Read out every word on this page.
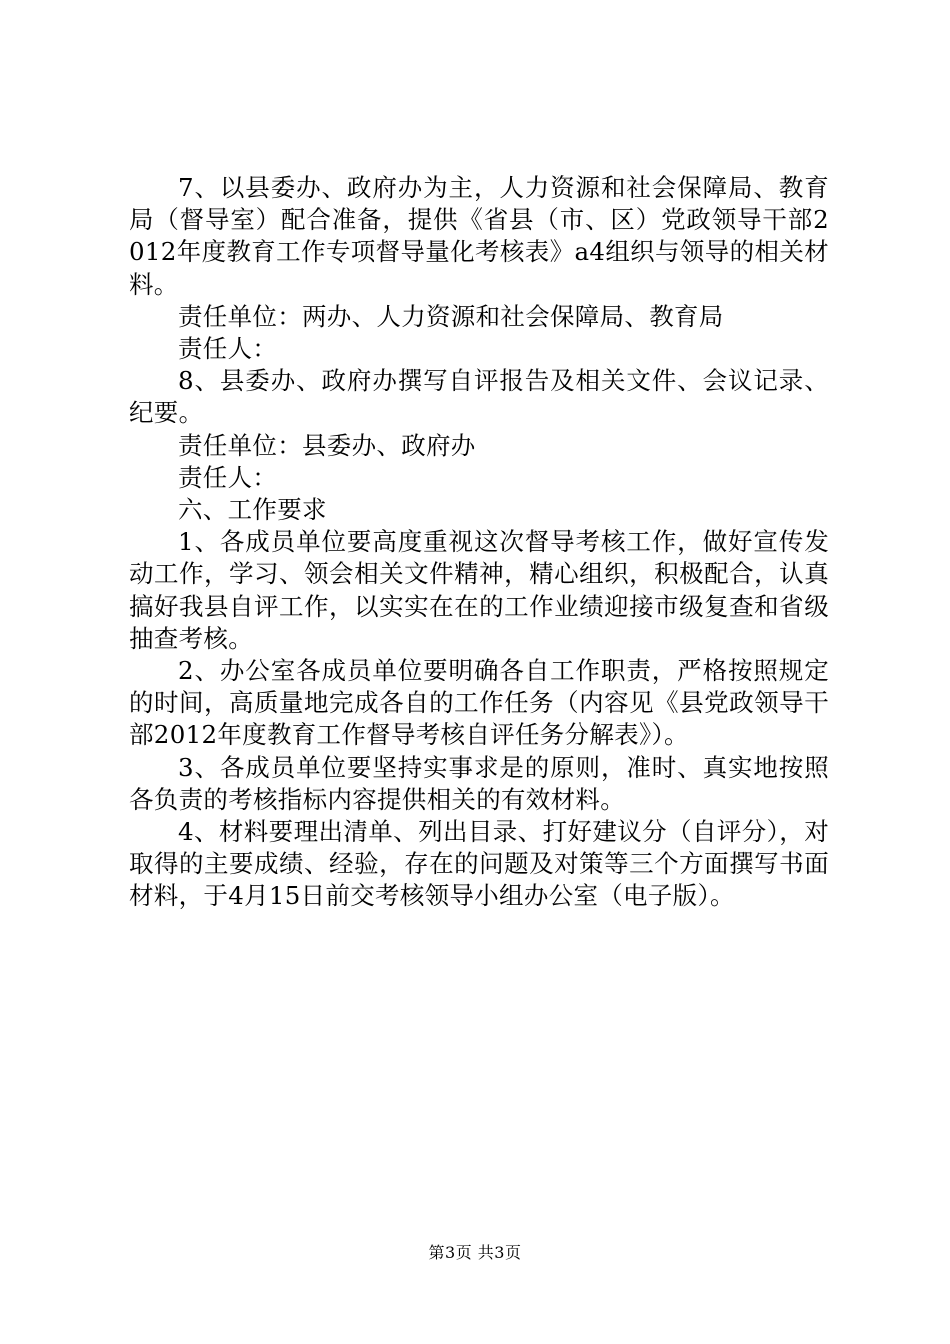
7、以县委办、政府办为主，人力资源和社会保障局、教育局（督导室）配合准备，提供《省县（市、区）党政领导干部2012年度教育工作专项督导量化考核表》a4组织与领导的相关材料。

责任单位：两办、人力资源和社会保障局、教育局

责任人：

8、县委办、政府办撰写自评报告及相关文件、会议记录、纪要。

责任单位：县委办、政府办

责任人：

六、工作要求

1、各成员单位要高度重视这次督导考核工作，做好宣传发动工作，学习、领会相关文件精神，精心组织，积极配合，认真搞好我县自评工作，以实实在在的工作业绩迎接市级复查和省级抽查考核。

2、办公室各成员单位要明确各自工作职责，严格按照规定的时间，高质量地完成各自的工作任务（内容见《县党政领导干部2012年度教育工作督导考核自评任务分解表》）。

3、各成员单位要坚持实事求是的原则，准时、真实地按照各负责的考核指标内容提供相关的有效材料。

4、材料要理出清单、列出目录、打好建议分（自评分），对取得的主要成绩、经验，存在的问题及对策等三个方面撰写书面材料，于4月15日前交考核领导小组办公室（电子版）。

第3页 共3页
